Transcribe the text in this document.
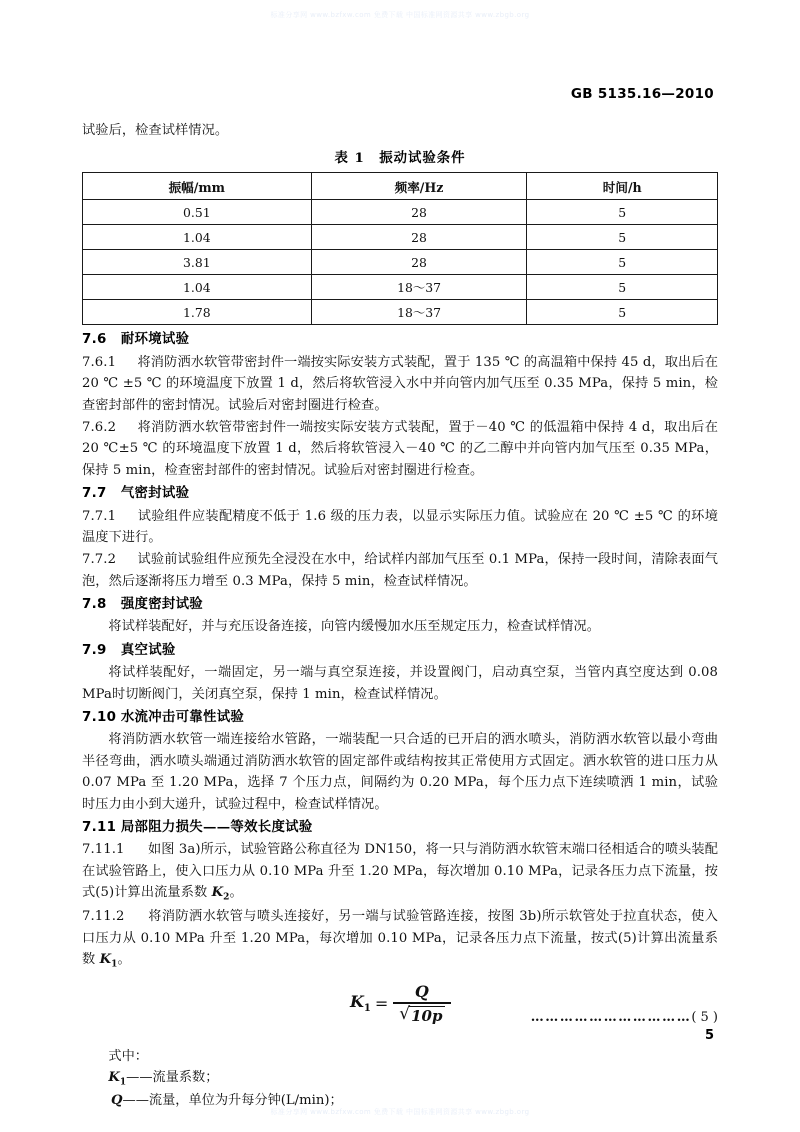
标准分享网 www.bzfxw.com 免费下载 中国标准网资源共享 www.zbgb.org
GB 5135.16—2010

试验后，检查试样情况。

表 1　振动试验条件
振幅/mm	频率/Hz	时间/h
0.51	28	5
1.04	28	5
3.81	28	5
1.04	18～37	5
1.78	18～37	5
7.6 耐环境试验

7.6.1 将消防洒水软管带密封件一端按实际安装方式装配，置于 135 ℃ 的高温箱中保持 45 d，取出后在 20 ℃ ±5 ℃ 的环境温度下放置 1 d，然后将软管浸入水中并向管内加气压至 0.35 MPa，保持 5 min，检查密封部件的密封情况。试验后对密封圈进行检查。

7.6.2 将消防洒水软管带密封件一端按实际安装方式装配，置于－40 ℃ 的低温箱中保持 4 d，取出后在 20 ℃±5 ℃ 的环境温度下放置 1 d，然后将软管浸入－40 ℃ 的乙二醇中并向管内加气压至 0.35 MPa，保持 5 min，检查密封部件的密封情况。试验后对密封圈进行检查。

7.7 气密封试验

7.7.1 试验组件应装配精度不低于 1.6 级的压力表，以显示实际压力值。试验应在 20 ℃ ±5 ℃ 的环境温度下进行。

7.7.2 试验前试验组件应预先全浸没在水中，给试样内部加气压至 0.1 MPa，保持一段时间，清除表面气泡，然后逐渐将压力增至 0.3 MPa，保持 5 min，检查试样情况。

7.8 强度密封试验

将试样装配好，并与充压设备连接，向管内缓慢加水压至规定压力，检查试样情况。

7.9 真空试验

将试样装配好，一端固定，另一端与真空泵连接，并设置阀门，启动真空泵，当管内真空度达到 0.08 MPa时切断阀门，关闭真空泵，保持 1 min，检查试样情况。

7.10 水流冲击可靠性试验

将消防洒水软管一端连接给水管路，一端装配一只合适的已开启的洒水喷头，消防洒水软管以最小弯曲半径弯曲，洒水喷头端通过消防洒水软管的固定部件或结构按其正常使用方式固定。洒水软管的进口压力从 0.07 MPa 至 1.20 MPa，选择 7 个压力点，间隔约为 0.20 MPa，每个压力点下连续喷洒 1 min，试验时压力由小到大递升，试验过程中，检查试样情况。

7.11 局部阻力损失——等效长度试验

7.11.1 如图 3a)所示，试验管路公称直径为 DN150，将一只与消防洒水软管末端口径相适合的喷头装配在试验管路上，使入口压力从 0.10 MPa 升至 1.20 MPa，每次增加 0.10 MPa，记录各压力点下流量，按式(5)计算出流量系数 $K_2$。

7.11.2 将消防洒水软管与喷头连接好，另一端与试验管路连接，按图 3b)所示软管处于拉直状态，使入口压力从 0.10 MPa 升至 1.20 MPa，每次增加 0.10 MPa，记录各压力点下流量，按式(5)计算出流量系数 $K_1$。

$K_1 = \frac{Q}{√ 10p}$	……………………………( 5 )

式中：

$K_1——$流量系数；

Q——流量，单位为升每分钟(L/min)；

5
标准分享网 www.bzfxw.com 免费下载 中国标准网资源共享 www.zbgb.org
